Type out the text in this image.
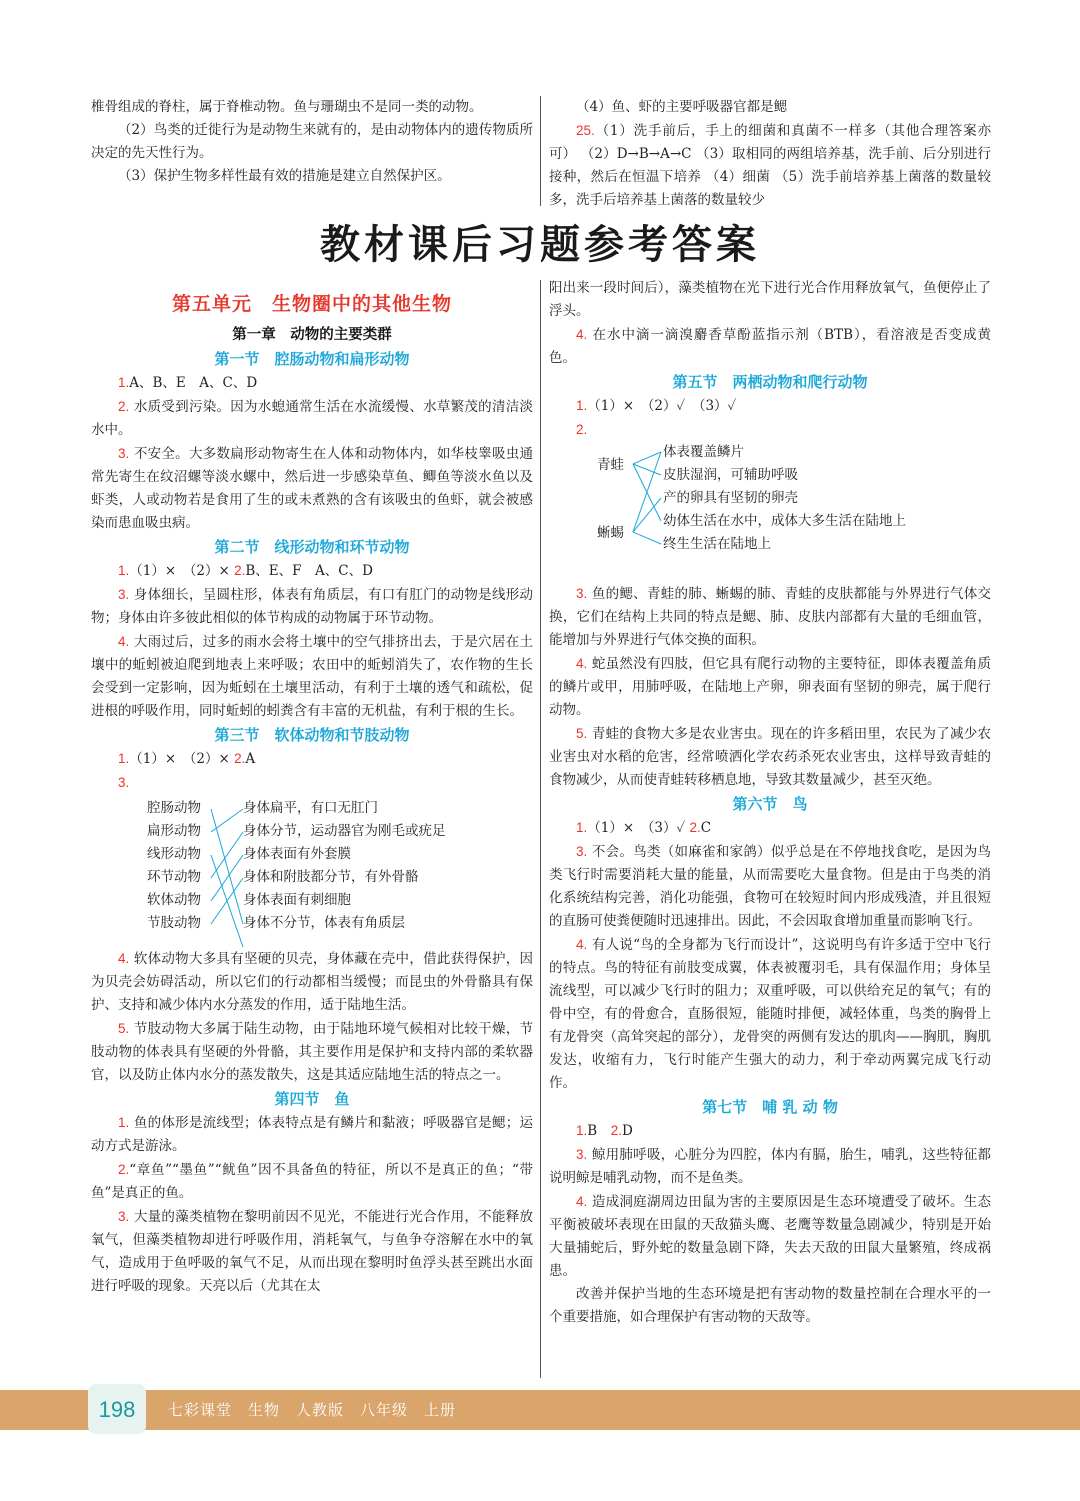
椎骨组成的脊柱，属于脊椎动物。鱼与珊瑚虫不是同一类的动物。

（2）鸟类的迁徙行为是动物生来就有的，是由动物体内的遗传物质所决定的先天性行为。

（3）保护生物多样性最有效的措施是建立自然保护区。

（4）鱼、虾的主要呼吸器官都是鳃

25.（1）洗手前后，手上的细菌和真菌不一样多（其他合理答案亦可） （2）D→B→A→C （3）取相同的两组培养基，洗手前、后分别进行接种，然后在恒温下培养 （4）细菌 （5）洗手前培养基上菌落的数量较多，洗手后培养基上菌落的数量较少

教材课后习题参考答案
第五单元　生物圈中的其他生物
第一章　动物的主要类群
第一节　腔肠动物和扁形动物

1.A、B、E　A、C、D

2. 水质受到污染。因为水螅通常生活在水流缓慢、水草繁茂的清洁淡水中。

3. 不安全。大多数扁形动物寄生在人体和动物体内，如华枝睾吸虫通常先寄生在纹沼螺等淡水螺中，然后进一步感染草鱼、鲫鱼等淡水鱼以及虾类，人或动物若是食用了生的或未煮熟的含有该吸虫的鱼虾，就会被感染而患血吸虫病。

第二节　线形动物和环节动物

1.（1）×　（2）× 2.B、E、F　A、C、D

3. 身体细长，呈圆柱形，体表有角质层，有口有肛门的动物是线形动物；身体由许多彼此相似的体节构成的动物属于环节动物。

4. 大雨过后，过多的雨水会将土壤中的空气排挤出去，于是穴居在土壤中的蚯蚓被迫爬到地表上来呼吸；农田中的蚯蚓消失了，农作物的生长会受到一定影响，因为蚯蚓在土壤里活动，有利于土壤的透气和疏松，促进根的呼吸作用，同时蚯蚓的蚓粪含有丰富的无机盐，有利于根的生长。

第三节　软体动物和节肢动物

1.（1）×　（2）× 2.A

3.

腔肠动物
扁形动物
线形动物
环节动物
软体动物
节肢动物
身体扁平，有口无肛门
身体分节，运动器官为刚毛或疣足
身体表面有外套膜
身体和附肢都分节，有外骨骼
身体表面有刺细胞
身体不分节，体表有角质层

4. 软体动物大多具有坚硬的贝壳，身体藏在壳中，借此获得保护，因为贝壳会妨碍活动，所以它们的行动都相当缓慢；而昆虫的外骨骼具有保护、支持和减少体内水分蒸发的作用，适于陆地生活。

5. 节肢动物大多属于陆生动物，由于陆地环境气候相对比较干燥，节肢动物的体表具有坚硬的外骨骼，其主要作用是保护和支持内部的柔软器官，以及防止体内水分的蒸发散失，这是其适应陆地生活的特点之一。

第四节　鱼

1. 鱼的体形是流线型；体表特点是有鳞片和黏液；呼吸器官是鳃；运动方式是游泳。

2.“章鱼”“墨鱼”“鱿鱼”因不具备鱼的特征，所以不是真正的鱼；“带鱼”是真正的鱼。

3. 大量的藻类植物在黎明前因不见光，不能进行光合作用，不能释放氧气，但藻类植物却进行呼吸作用，消耗氧气，与鱼争夺溶解在水中的氧气，造成用于鱼呼吸的氧气不足，从而出现在黎明时鱼浮头甚至跳出水面进行呼吸的现象。天亮以后（尤其在太

阳出来一段时间后），藻类植物在光下进行光合作用释放氧气，鱼便停止了浮头。

4. 在水中滴一滴溴麝香草酚蓝指示剂（BTB），看溶液是否变成黄色。

第五节　两栖动物和爬行动物

1.（1）×　（2）✓　（3）✓

2.

青蛙
蜥蜴
体表覆盖鳞片
皮肤湿润，可辅助呼吸
产的卵具有坚韧的卵壳
幼体生活在水中，成体大多生活在陆地上
终生生活在陆地上

3. 鱼的鳃、青蛙的肺、蜥蜴的肺、青蛙的皮肤都能与外界进行气体交换，它们在结构上共同的特点是鳃、肺、皮肤内部都有大量的毛细血管，能增加与外界进行气体交换的面积。

4. 蛇虽然没有四肢，但它具有爬行动物的主要特征，即体表覆盖角质的鳞片或甲，用肺呼吸，在陆地上产卵，卵表面有坚韧的卵壳，属于爬行动物。

5. 青蛙的食物大多是农业害虫。现在的许多稻田里，农民为了减少农业害虫对水稻的危害，经常喷洒化学农药杀死农业害虫，这样导致青蛙的食物减少，从而使青蛙转移栖息地，导致其数量减少，甚至灭绝。

第六节　鸟

1.（1）×　（3）✓ 2.C

3. 不会。鸟类（如麻雀和家鸽）似乎总是在不停地找食吃，是因为鸟类飞行时需要消耗大量的能量，从而需要吃大量食物。但是由于鸟类的消化系统结构完善，消化功能强，食物可在较短时间内形成残渣，并且很短的直肠可使粪便随时迅速排出。因此，不会因取食增加重量而影响飞行。

4. 有人说“鸟的全身都为飞行而设计”，这说明鸟有许多适于空中飞行的特点。鸟的特征有前肢变成翼，体表被覆羽毛，具有保温作用；身体呈流线型，可以减少飞行时的阻力；双重呼吸，可以供给充足的氧气；有的骨中空，有的骨愈合，直肠很短，能随时排便，减轻体重，鸟类的胸骨上有龙骨突（高耸突起的部分），龙骨突的两侧有发达的肌肉——胸肌，胸肌发达，收缩有力，飞行时能产生强大的动力，利于牵动两翼完成飞行动作。

第七节　哺 乳 动 物

1.B　 2.D

3. 鲸用肺呼吸，心脏分为四腔，体内有膈，胎生，哺乳，这些特征都说明鲸是哺乳动物，而不是鱼类。

4. 造成洞庭湖周边田鼠为害的主要原因是生态环境遭受了破坏。生态平衡被破坏表现在田鼠的天敌猫头鹰、老鹰等数量急剧减少，特别是开始大量捕蛇后，野外蛇的数量急剧下降，失去天敌的田鼠大量繁殖，终成祸患。

改善并保护当地的生态环境是把有害动物的数量控制在合理水平的一个重要措施，如合理保护有害动物的天敌等。

198	七彩课堂　生物　人教版　八年级　上册
